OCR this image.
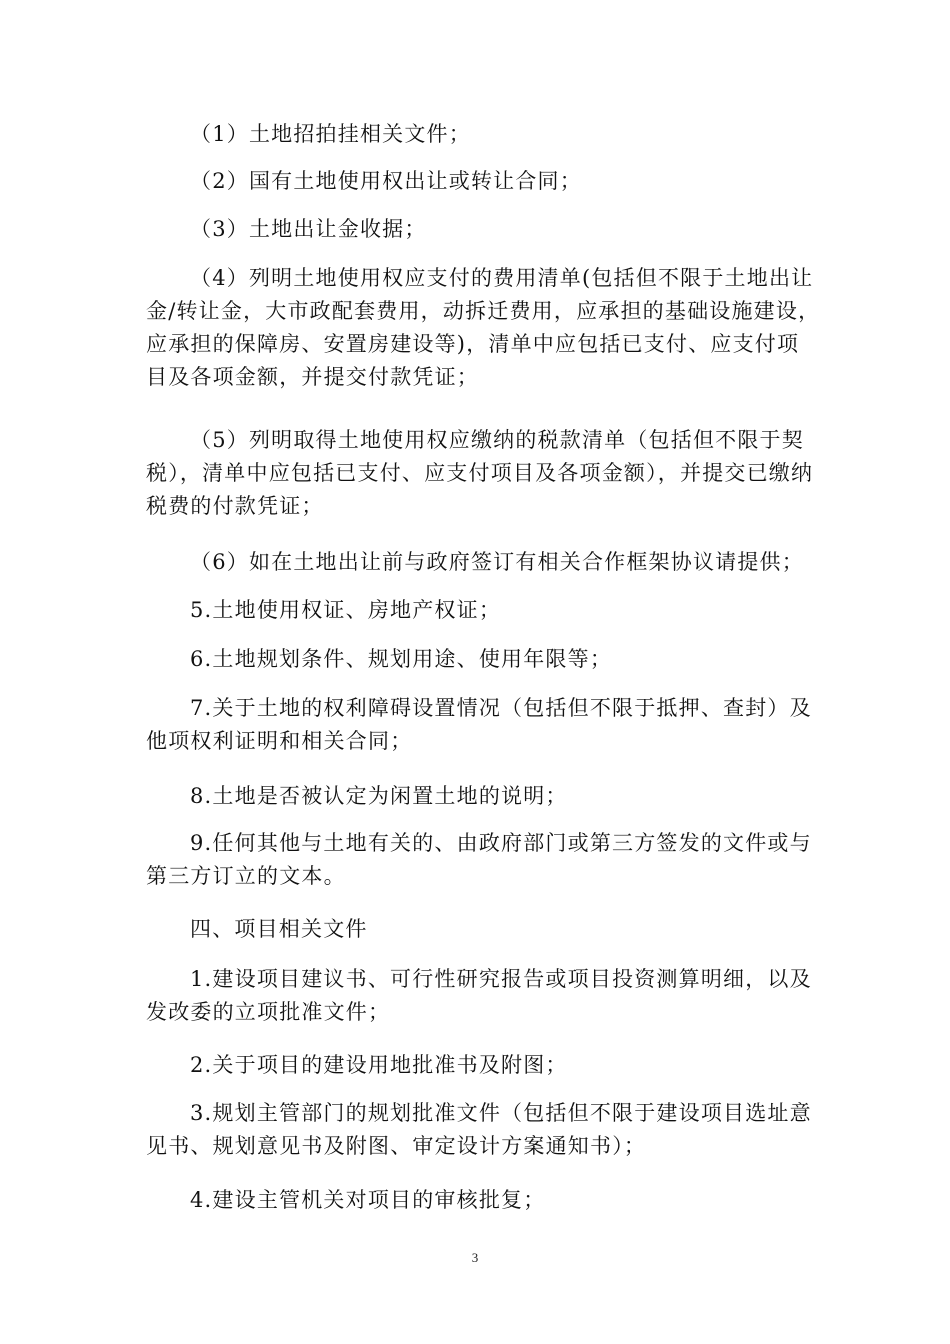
（1）土地招拍挂相关文件；

（2）国有土地使用权出让或转让合同；

（3）土地出让金收据；

（4）列明土地使用权应支付的费用清单(包括但不限于土地出让
金/转让金，大市政配套费用，动拆迁费用，应承担的基础设施建设，
应承担的保障房、安置房建设等)，清单中应包括已支付、应支付项
目及各项金额，并提交付款凭证；

（5）列明取得土地使用权应缴纳的税款清单（包括但不限于契
税），清单中应包括已支付、应支付项目及各项金额），并提交已缴纳
税费的付款凭证；

（6）如在土地出让前与政府签订有相关合作框架协议请提供；

5.土地使用权证、房地产权证；

6.土地规划条件、规划用途、使用年限等；

7.关于土地的权利障碍设置情况（包括但不限于抵押、查封）及
他项权利证明和相关合同；

8.土地是否被认定为闲置土地的说明；

9.任何其他与土地有关的、由政府部门或第三方签发的文件或与
第三方订立的文本。

四、项目相关文件

1.建设项目建议书、可行性研究报告或项目投资测算明细，以及
发改委的立项批准文件；

2.关于项目的建设用地批准书及附图；

3.规划主管部门的规划批准文件（包括但不限于建设项目选址意
见书、规划意见书及附图、审定设计方案通知书）；

4.建设主管机关对项目的审核批复；

3
